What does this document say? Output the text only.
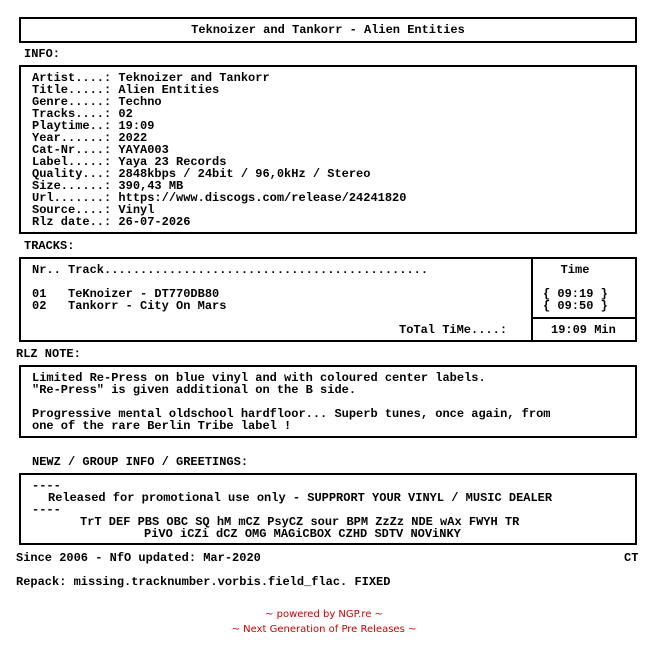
Teknoizer and Tankorr - Alien Entities
INFO:
Artist....: Teknoizer and Tankorr
Title.....: Alien Entities
Genre.....: Techno
Tracks....: 02
Playtime..: 19:09
Year......: 2022
Cat-Nr....: YAYA003
Label.....: Yaya 23 Records
Quality...: 2848kbps / 24bit / 96,0kHz / Stereo
Size......: 390,43 MB
Url.......: https://www.discogs.com/release/24241820
Source....: Vinyl
Rlz date..: 26-07-2026
TRACKS:
Nr.. Track.............................................	Time
01   TeKnoizer - DT770DB80	{ 09:19 }
02   Tankorr - City On Mars	{ 09:50 }
ToTal TiMe....:	19:09 Min
RLZ NOTE:
Limited Re-Press on blue vinyl and with coloured center labels.
"Re-Press" is given additional on the B side.
Progressive mental oldschool hardfloor... Superb tunes, once again, from
one of the rare Berlin Tribe label !
NEWZ / GROUP INFO / GREETINGS:
----
Released for promotional use only - SUPPRORT YOUR VINYL / MUSIC DEALER
----
TrT DEF PBS OBC SQ hM mCZ PsyCZ sour BPM ZzZz NDE wAx FWYH TR
PiVO iCZi dCZ OMG MAGiCBOX CZHD SDTV NOViNKY
Since 2006 - NfO updated: Mar-2020	CT
Repack: missing.tracknumber.vorbis.field_flac. FIXED
~ powered by NGP.re ~
~ Next Generation of Pre Releases ~
